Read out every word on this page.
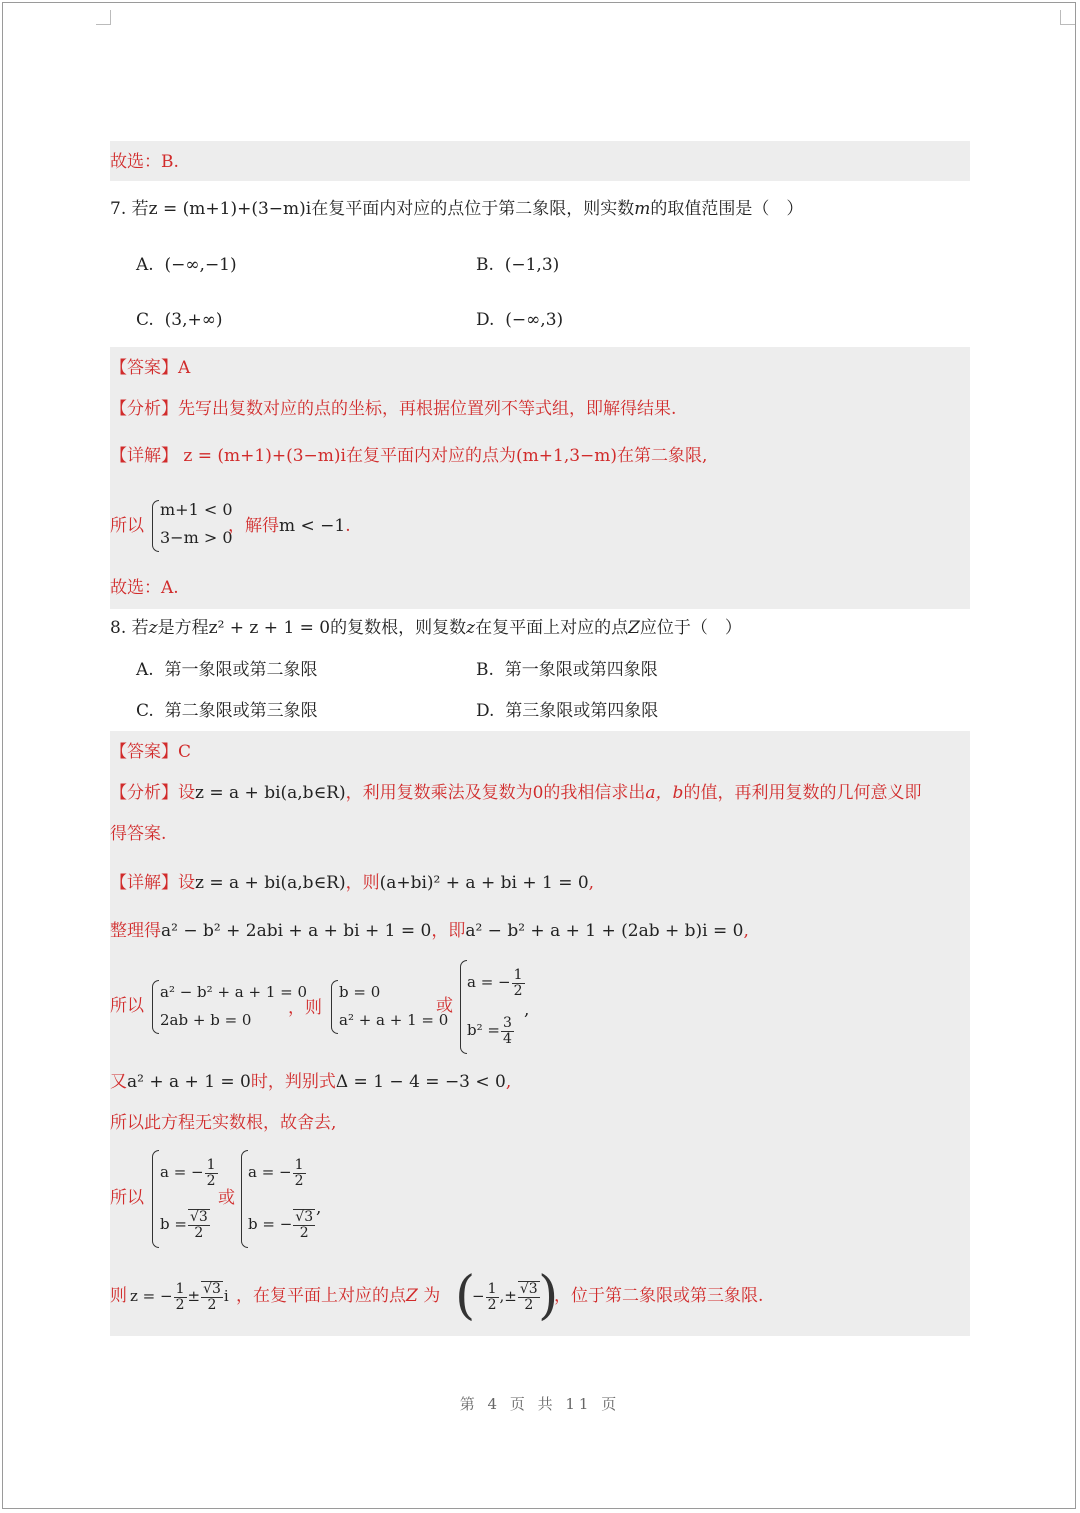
故选：B.
7. 若z = (m+1)+(3−m)i在复平面内对应的点位于第二象限，则实数m的取值范围是（　）
A. (−∞,−1)	B. (−1,3)
C. (3,+∞)	D. (−∞,3)
【答案】A
【分析】先写出复数对应的点的坐标，再根据位置列不等式组，即解得结果.
【详解】 z = (m+1)+(3−m)i在复平面内对应的点为(m+1,3−m)在第二象限,
所以
m+1 < 0
3−m > 0
，解得m < −1.
故选：A.
8. 若z是方程z² + z + 1 = 0的复数根，则复数z在复平面上对应的点Z应位于（　）
A. 第一象限或第二象限	B. 第一象限或第四象限
C. 第二象限或第三象限	D. 第三象限或第四象限
【答案】C
【分析】设z = a + bi(a,b∈R)，利用复数乘法及复数为0的我相信求出a，b的值，再利用复数的几何意义即
得答案.
【详解】设z = a + bi(a,b∈R)，则(a+bi)² + a + bi + 1 = 0,
整理得a² − b² + 2abi + a + bi + 1 = 0，即a² − b² + a + 1 + (2ab + b)i = 0,
所以
a² − b² + a + 1 = 0
2ab + b = 0
，则
b = 0
a² + a + 1 = 0
或
a = − $\frac{1}{2}$
$b^2 = \frac{3}{4}$
,
又a² + a + 1 = 0时，判别式Δ = 1 − 4 = −3 < 0,
所以此方程无实数根，故舍去,
所以
a = − $\frac{1}{2}$
$b = \frac{√3}{2}$
或
a = − $\frac{1}{2}$
b = − $\frac{√3}{2}$
,
则 z = − $\frac{1}{2} \pm \frac{√3}{2}$ i ，在复平面上对应的点Z 为 (
− $\frac{1}{2}$ ,± $\frac{√3}{2}$
)
，位于第二象限或第三象限.
第 4 页 共 11 页
